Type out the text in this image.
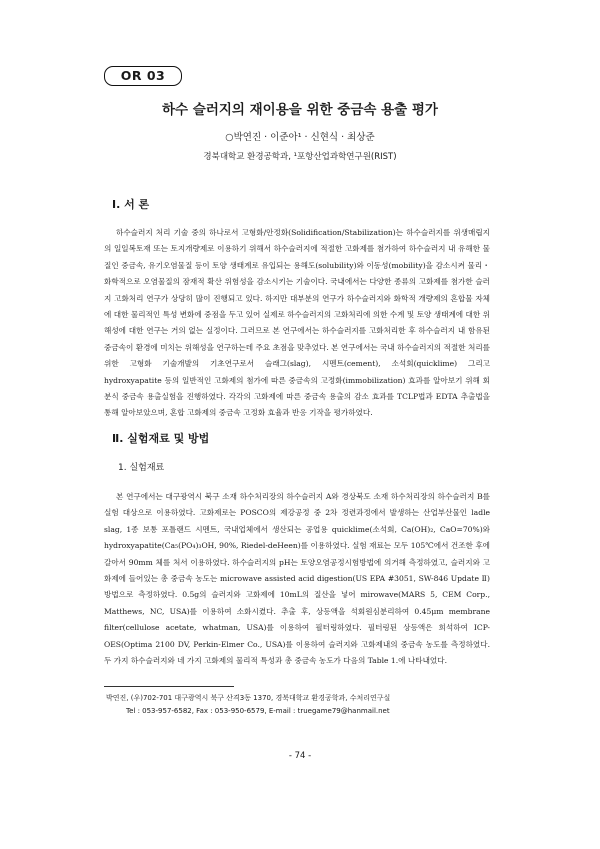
OR 03
하수 슬러지의 재이용을 위한 중금속 용출 평가
○박연진 · 이준아¹ · 신현식 · 최상준
경북대학교 환경공학과, ¹포항산업과학연구원(RIST)
Ⅰ. 서 론

하수슬러지 처리 기술 중의 하나로서 고형화/안정화(Solidification/Stabilization)는 하수슬러지를 위생매립지의 일일복토재 또는 토지개량제로 이용하기 위해서 하수슬러지에 적절한 고화제를 첨가하여 하수슬러지 내 유해한 물질인 중금속, 유기오염물질 등이 토양 생태계로 유입되는 용해도(solubility)와 이동성(mobility)을 감소시켜 물리・화학적으로 오염물질의 잠재적 확산 위험성을 감소시키는 기술이다. 국내에서는 다양한 종류의 고화제를 첨가한 슬러지 고화처리 연구가 상당히 많이 진행되고 있다. 하지만 대부분의 연구가 하수슬러지와 화학적 개량제의 혼합물 자체에 대한 물리적인 특성 변화에 중점을 두고 있어 실제로 하수슬러지의 고화처리에 의한 수계 및 토양 생태계에 대한 위해성에 대한 연구는 거의 없는 실정이다. 그러므로 본 연구에서는 하수슬러지를 고화처리한 후 하수슬러지 내 함유된 중금속이 환경에 미치는 위해성을 연구하는데 주요 초점을 맞추었다. 본 연구에서는 국내 하수슬러지의 적절한 처리를 위한 고형화 기술개발의 기초연구로서 슬래그(slag), 시멘트(cement), 소석회(quicklime) 그리고 hydroxyapatite 등의 일반적인 고화제의 첨가에 따른 중금속의 고정화(immobilization) 효과를 알아보기 위해 회분식 중금속 용출실험을 진행하였다. 각각의 고화제에 따른 중금속 용출의 감소 효과를 TCLP법과 EDTA 추출법을 통해 알아보았으며, 혼합 고화제의 중금속 고정화 효율과 반응 기작을 평가하였다.

Ⅱ. 실험재료 및 방법
1. 실험재료

본 연구에서는 대구광역시 북구 소재 하수처리장의 하수슬러지 A와 경상북도 소재 하수처리장의 하수슬러지 B를 실험 대상으로 이용하였다. 고화제로는 POSCO의 제강공정 중 2차 정련과정에서 발생하는 산업부산물인 ladle slag, 1종 보통 포틀랜드 시멘트, 국내업체에서 생산되는 공업용 quicklime(소석회, Ca(OH)₂, CaO=70%)와 hydroxyapatite(Ca₅(PO₄)₃OH, 90%, Riedel-deHeen)를 이용하였다. 실험 재료는 모두 105℃에서 건조한 후에 갈아서 90mm 체를 처서 이용하였다. 하수슬러지의 pH는 토양오염공정시험방법에 의거해 측정하였고, 슬러지와 고화제에 들어있는 총 중금속 농도는 microwave assisted acid digestion(US EPA #3051, SW-846 Update Ⅱ) 방법으로 측정하였다. 0.5g의 슬러지와 고화제에 10mL의 질산을 넣어 mirowave(MARS 5, CEM Corp., Matthews, NC, USA)를 이용하여 소화시켰다. 추출 후, 상등액을 석회원심분리하여 0.45μm membrane filter(cellulose acetate, whatman, USA)를 이용하여 필터링하였다. 필터링된 상등액은 희석하여 ICP-OES(Optima 2100 DV, Perkin-Elmer Co., USA)를 이용하여 슬러지와 고화제내의 중금속 농도를 측정하였다. 두 가지 하수슬러지와 네 가지 고화제의 물리적 특성과 총 중금속 농도가 다음의 Table 1.에 나타내었다.

박연진, (우)702-701 대구광역시 북구 산격3동 1370, 경북대학교 환경공학과, 수처리연구실
Tel : 053-957-6582, Fax : 053-950-6579, E-mail : truegame79@hanmail.net
- 74 -
